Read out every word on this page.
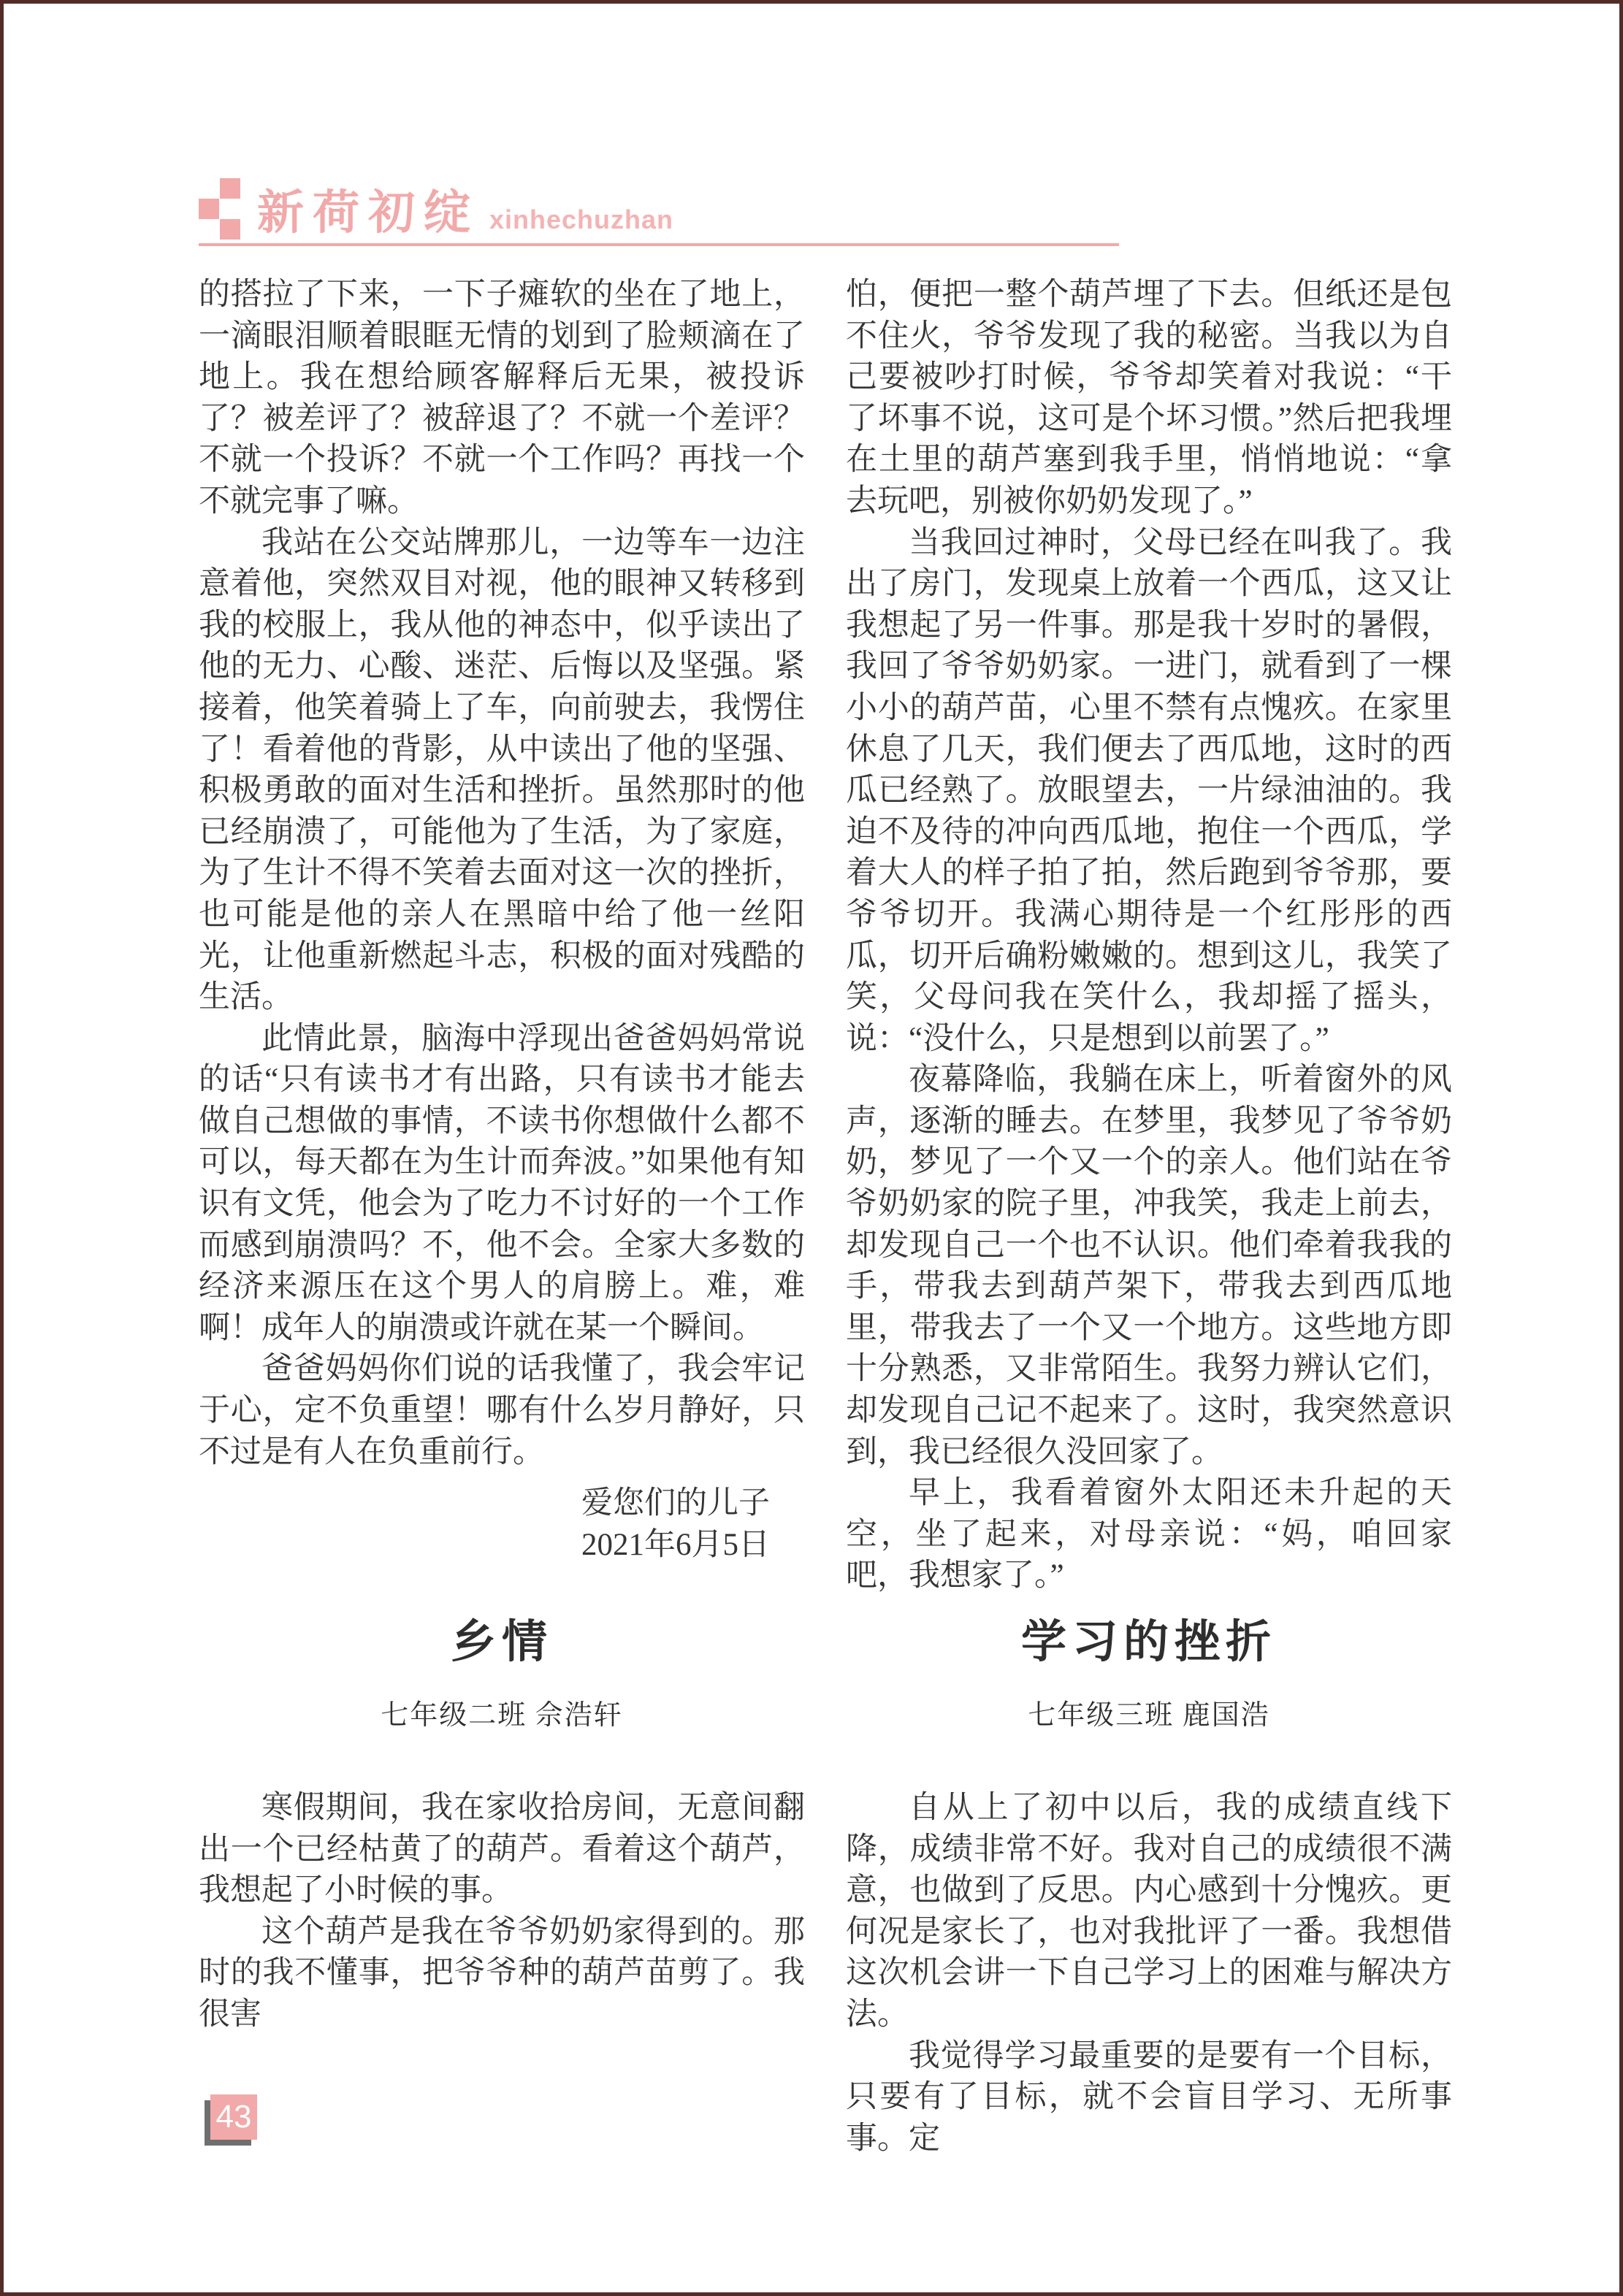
新荷初绽 xinhechuzhan

的搭拉了下来，一下子瘫软的坐在了地上，一滴眼泪顺着眼眶无情的划到了脸颊滴在了地上。我在想给顾客解释后无果，被投诉了？被差评了？被辞退了？不就一个差评？不就一个投诉？不就一个工作吗？再找一个不就完事了嘛。

我站在公交站牌那儿，一边等车一边注意着他，突然双目对视，他的眼神又转移到我的校服上，我从他的神态中，似乎读出了他的无力、心酸、迷茫、后悔以及坚强。紧接着，他笑着骑上了车，向前驶去，我愣住了！看着他的背影，从中读出了他的坚强、积极勇敢的面对生活和挫折。虽然那时的他已经崩溃了，可能他为了生活，为了家庭，为了生计不得不笑着去面对这一次的挫折，也可能是他的亲人在黑暗中给了他一丝阳光，让他重新燃起斗志，积极的面对残酷的生活。

此情此景，脑海中浮现出爸爸妈妈常说的话“只有读书才有出路，只有读书才能去做自己想做的事情，不读书你想做什么都不可以，每天都在为生计而奔波。”如果他有知识有文凭，他会为了吃力不讨好的一个工作而感到崩溃吗？不，他不会。全家大多数的经济来源压在这个男人的肩膀上。难，难啊！成年人的崩溃或许就在某一个瞬间。

爸爸妈妈你们说的话我懂了，我会牢记于心，定不负重望！哪有什么岁月静好，只不过是有人在负重前行。

爱您们的儿子
2021年6月5日

怕，便把一整个葫芦埋了下去。但纸还是包不住火，爷爷发现了我的秘密。当我以为自己要被吵打时候，爷爷却笑着对我说：“干了坏事不说，这可是个坏习惯。”然后把我埋在土里的葫芦塞到我手里，悄悄地说：“拿去玩吧，别被你奶奶发现了。”

当我回过神时，父母已经在叫我了。我出了房门，发现桌上放着一个西瓜，这又让我想起了另一件事。那是我十岁时的暑假，我回了爷爷奶奶家。一进门，就看到了一棵小小的葫芦苗，心里不禁有点愧疚。在家里休息了几天，我们便去了西瓜地，这时的西瓜已经熟了。放眼望去，一片绿油油的。我迫不及待的冲向西瓜地，抱住一个西瓜，学着大人的样子拍了拍，然后跑到爷爷那，要爷爷切开。我满心期待是一个红彤彤的西瓜，切开后确粉嫩嫩的。想到这儿，我笑了笑，父母问我在笑什么，我却摇了摇头，说：“没什么，只是想到以前罢了。”

夜幕降临，我躺在床上，听着窗外的风声，逐渐的睡去。在梦里，我梦见了爷爷奶奶，梦见了一个又一个的亲人。他们站在爷爷奶奶家的院子里，冲我笑，我走上前去，却发现自己一个也不认识。他们牵着我我的手，带我去到葫芦架下，带我去到西瓜地里，带我去了一个又一个地方。这些地方即十分熟悉，又非常陌生。我努力辨认它们，却发现自己记不起来了。这时，我突然意识到，我已经很久没回家了。

早上，我看着窗外太阳还未升起的天空，坐了起来，对母亲说：“妈，咱回家吧，我想家了。”

乡情
七年级二班 佘浩轩
学习的挫折
七年级三班 鹿国浩

寒假期间，我在家收拾房间，无意间翻出一个已经枯黄了的葫芦。看着这个葫芦，我想起了小时候的事。

这个葫芦是我在爷爷奶奶家得到的。那时的我不懂事，把爷爷种的葫芦苗剪了。我很害

自从上了初中以后，我的成绩直线下降，成绩非常不好。我对自己的成绩很不满意，也做到了反思。内心感到十分愧疚。更何况是家长了，也对我批评了一番。我想借这次机会讲一下自己学习上的困难与解决方法。

我觉得学习最重要的是要有一个目标，只要有了目标，就不会盲目学习、无所事事。定

43
